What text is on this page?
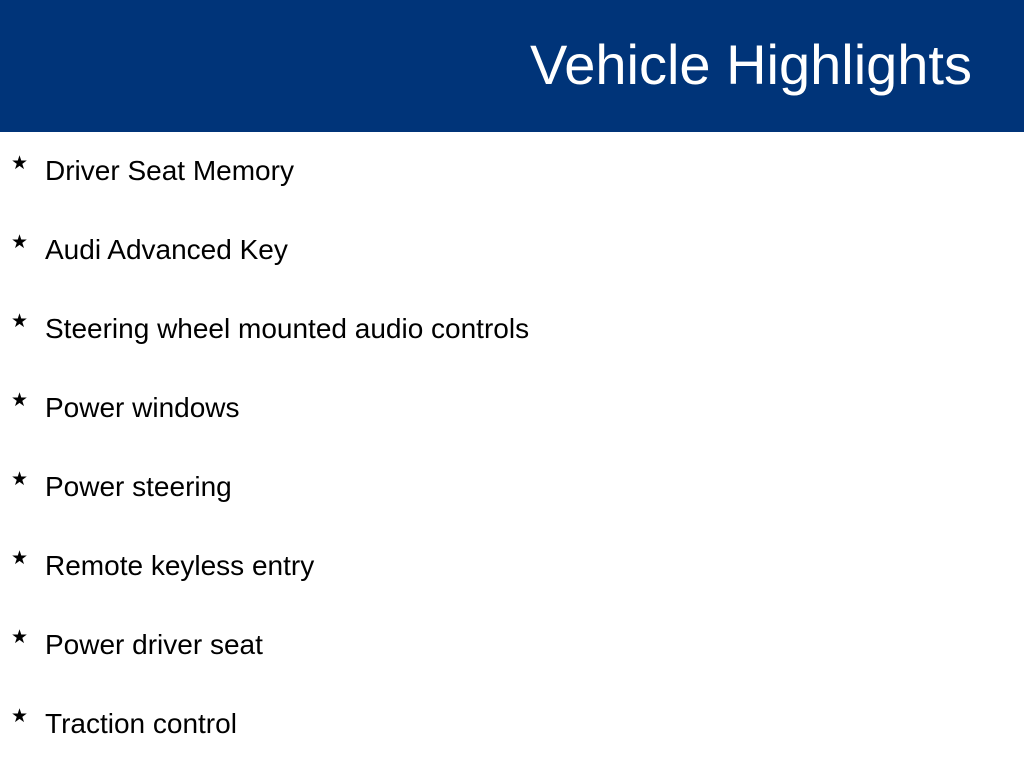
Vehicle Highlights
★ Driver Seat Memory
★ Audi Advanced Key
★ Steering wheel mounted audio controls
★ Power windows
★ Power steering
★ Remote keyless entry
★ Power driver seat
★ Traction control
